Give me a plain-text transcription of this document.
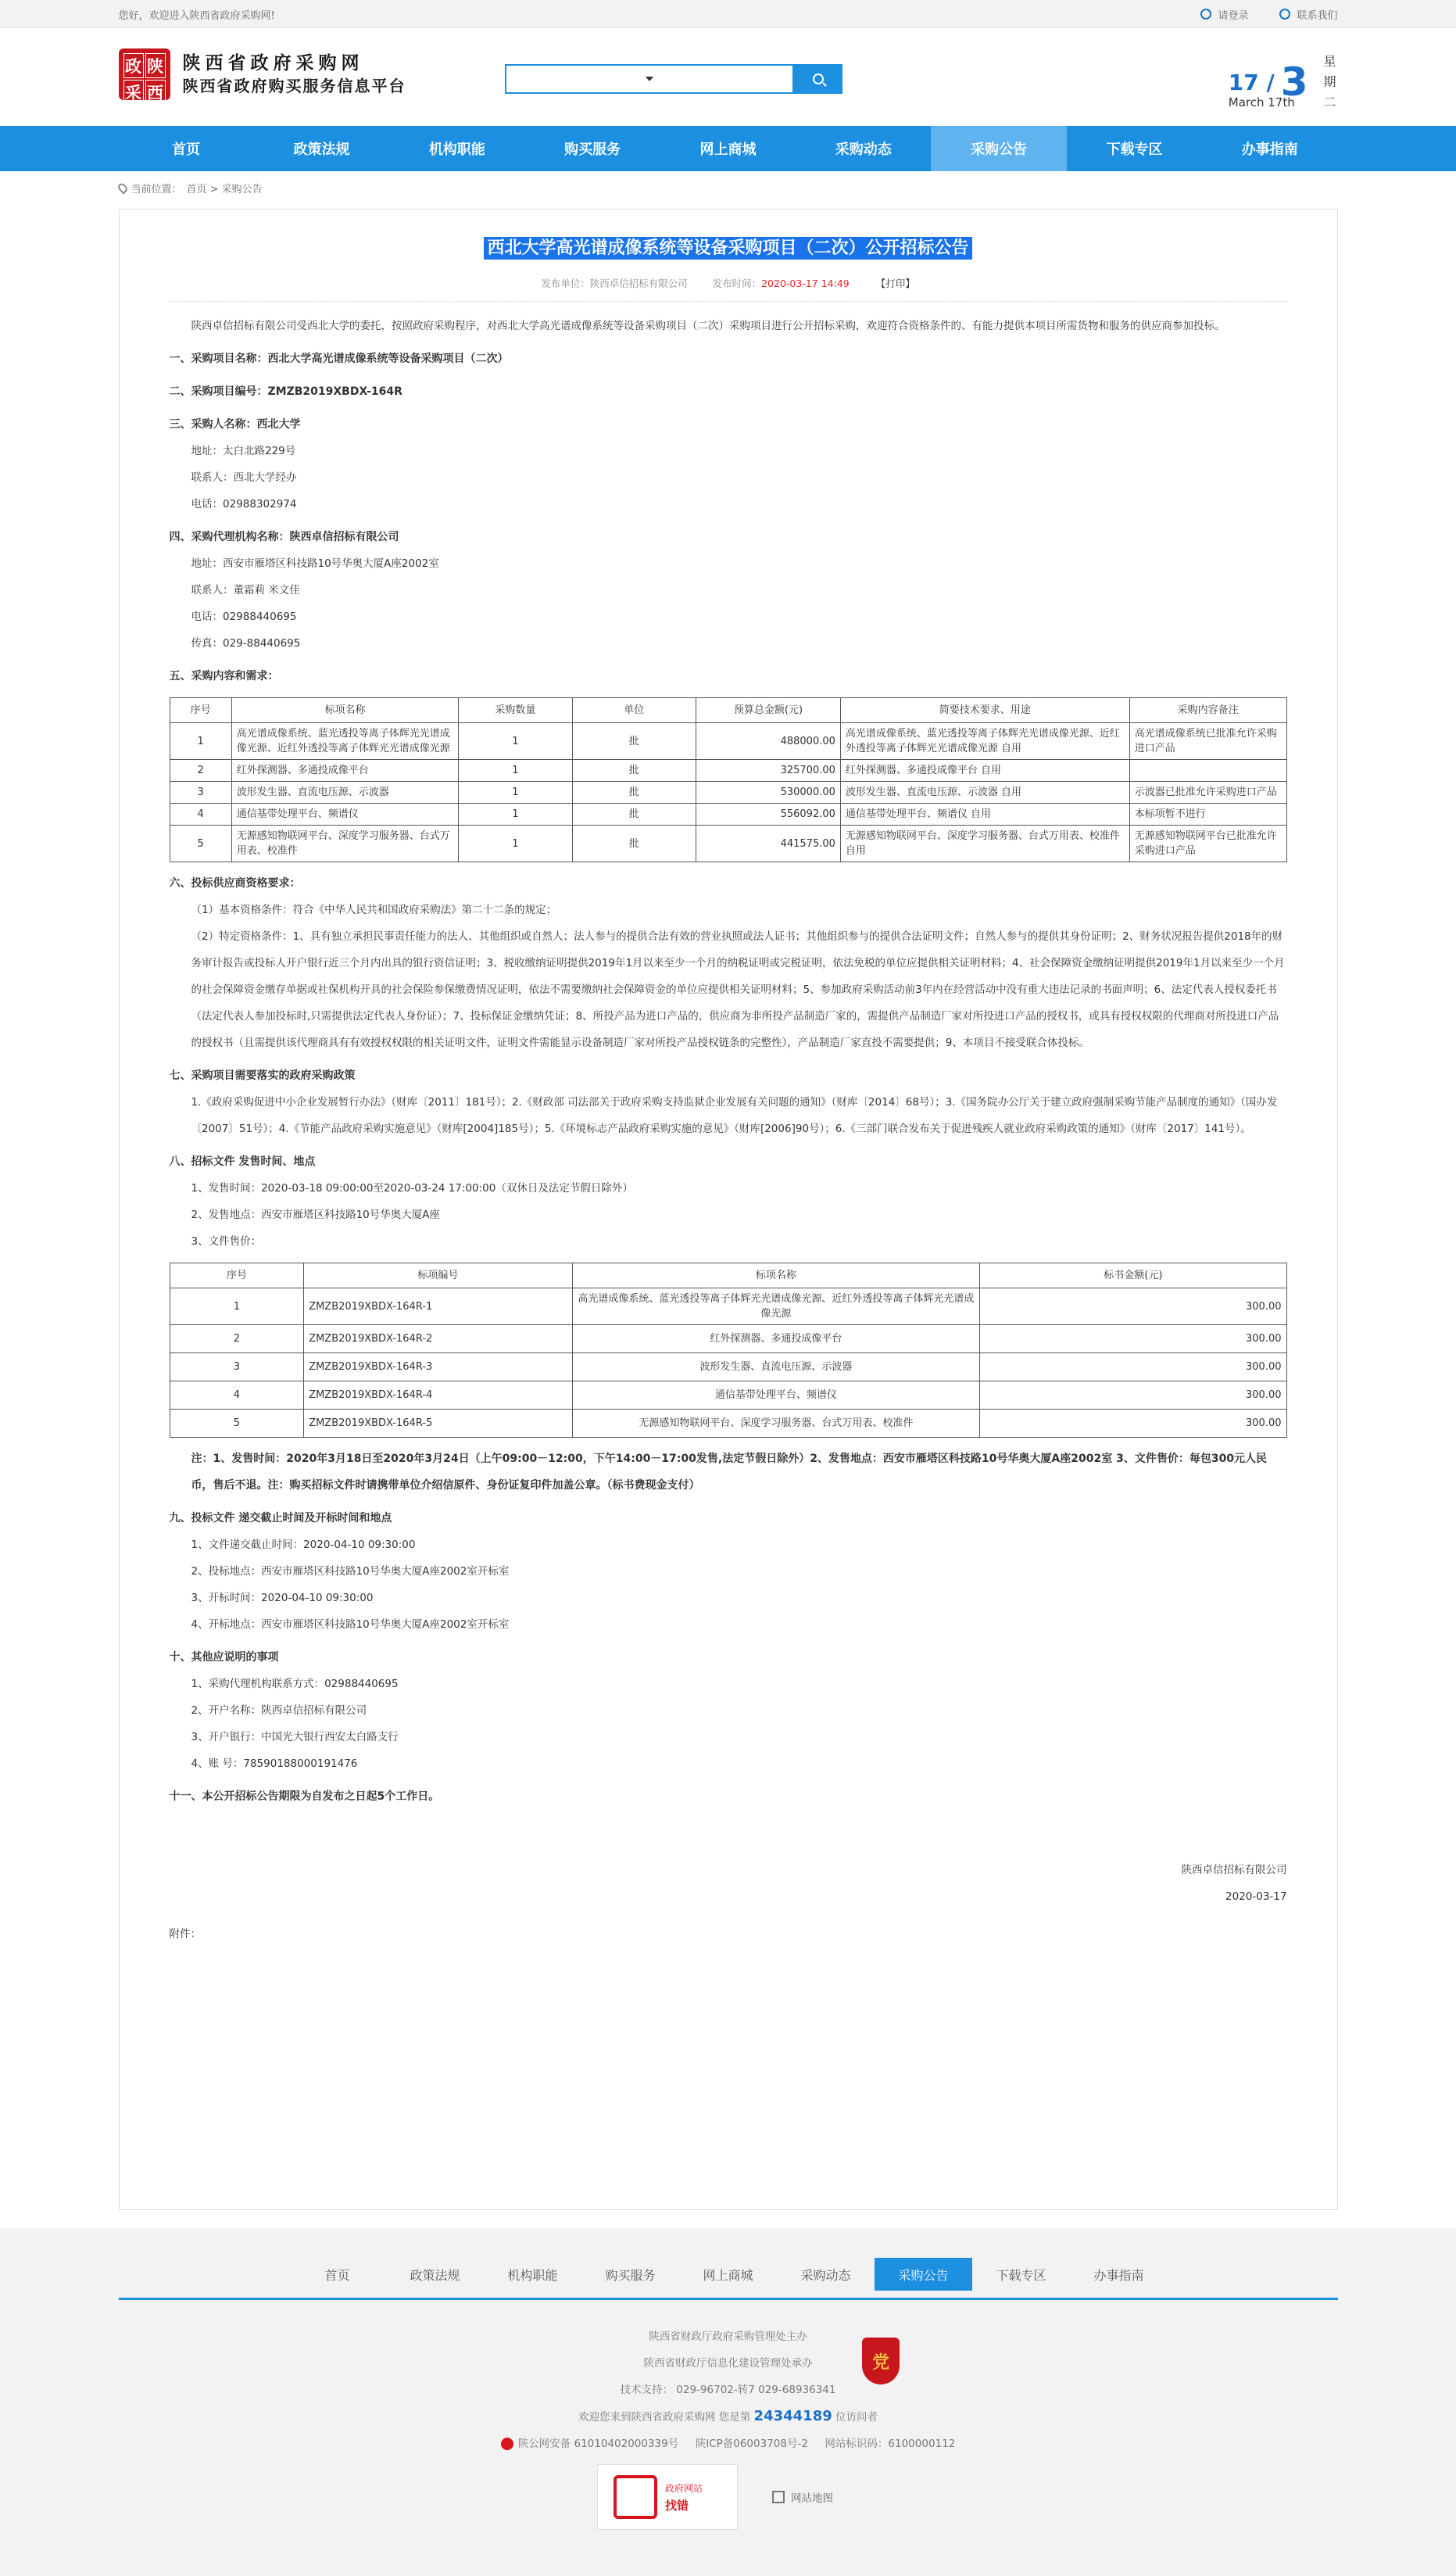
您好，欢迎进入陕西省政府采购网!	请登录	联系我们
政 陕
采 西
陕西省政府采购网
陕西省政府购买服务信息平台	17 / 3
March 17th
星
期
二
首页	政策法规	机构职能	购买服务	网上商城	采购动态	采购公告	下载专区	办事指南
当前位置： 首页 > 采购公告
西北大学高光谱成像系统等设备采购项目（二次）公开招标公告
发布单位：陕西卓信招标有限公司	发布时间：2020-03-17 14:49	【打印】

陕西卓信招标有限公司受西北大学的委托，按照政府采购程序，对西北大学高光谱成像系统等设备采购项目（二次）采购项目进行公开招标采购，欢迎符合资格条件的、有能力提供本项目所需货物和服务的供应商参加投标。

一、采购项目名称：西北大学高光谱成像系统等设备采购项目（二次）
二、采购项目编号：ZMZB2019XBDX-164R
三、采购人名称：西北大学

地址：太白北路229号

联系人：西北大学经办

电话：02988302974

四、采购代理机构名称：陕西卓信招标有限公司

地址：西安市雁塔区科技路10号华奥大厦A座2002室

联系人：董霜莉 米文佳

电话：02988440695

传真：029-88440695

五、采购内容和需求：
序号	标项名称	采购数量	单位	预算总金额(元)	简要技术要求、用途	采购内容备注
1	高光谱成像系统、蓝光透投等离子体辉光光谱成像光源、近红外透投等离子体辉光光谱成像光源	1	批	488000.00	高光谱成像系统、蓝光透投等离子体辉光光谱成像光源、近红外透投等离子体辉光光谱成像光源 自用	高光谱成像系统已批准允许采购进口产品
2	红外探测器、多通投成像平台	1	批	325700.00	红外探测器、多通投成像平台 自用	
3	波形发生器、直流电压源、示波器	1	批	530000.00	波形发生器、直流电压源、示波器 自用	示波器已批准允许采购进口产品
4	通信基带处理平台、频谱仪	1	批	556092.00	通信基带处理平台、频谱仪 自用	本标项暂不进行
5	无源感知物联网平台、深度学习服务器、台式万用表、校准件	1	批	441575.00	无源感知物联网平台、深度学习服务器、台式万用表、校准件 自用	无源感知物联网平台已批准允许采购进口产品
六、投标供应商资格要求：

（1）基本资格条件：符合《中华人民共和国政府采购法》第二十二条的规定；

（2）特定资格条件：1、具有独立承担民事责任能力的法人、其他组织或自然人；法人参与的提供合法有效的营业执照或法人证书；其他组织参与的提供合法证明文件；自然人参与的提供其身份证明；2、财务状况报告提供2018年的财务审计报告或投标人开户银行近三个月内出具的银行资信证明；3、税收缴纳证明提供2019年1月以来至少一个月的纳税证明或完税证明，依法免税的单位应提供相关证明材料；4、社会保障资金缴纳证明提供2019年1月以来至少一个月的社会保障资金缴存单据或社保机构开具的社会保险参保缴费情况证明，依法不需要缴纳社会保障资金的单位应提供相关证明材料；5、参加政府采购活动前3年内在经营活动中没有重大违法记录的书面声明；6、法定代表人授权委托书（法定代表人参加投标时,只需提供法定代表人身份证）；7、投标保证金缴纳凭证；8、所投产品为进口产品的，供应商为非所投产品制造厂家的，需提供产品制造厂家对所投进口产品的授权书，或具有授权权限的代理商对所投进口产品的授权书（且需提供该代理商具有有效授权权限的相关证明文件，证明文件需能显示设备制造厂家对所投产品授权链条的完整性），产品制造厂家直投不需要提供；9、本项目不接受联合体投标。

七、采购项目需要落实的政府采购政策

1.《政府采购促进中小企业发展暂行办法》（财库〔2011〕181号）；2.《财政部 司法部关于政府采购支持监狱企业发展有关问题的通知》（财库〔2014〕68号）；3.《国务院办公厅关于建立政府强制采购节能产品制度的通知》（国办发〔2007〕51号）；4.《节能产品政府采购实施意见》（财库[2004]185号）；5.《环境标志产品政府采购实施的意见》（财库[2006]90号）；6.《三部门联合发布关于促进残疾人就业政府采购政策的通知》（财库〔2017〕141号）。

八、招标文件 发售时间、地点

1、发售时间：2020-03-18 09:00:00至2020-03-24 17:00:00（双休日及法定节假日除外）

2、发售地点：西安市雁塔区科技路10号华奥大厦A座

3、文件售价：

序号	标项编号	标项名称	标书金额(元)
1	ZMZB2019XBDX-164R-1	高光谱成像系统、蓝光透投等离子体辉光光谱成像光源、近红外透投等离子体辉光光谱成像光源	300.00
2	ZMZB2019XBDX-164R-2	红外探测器、多通投成像平台	300.00
3	ZMZB2019XBDX-164R-3	波形发生器、直流电压源、示波器	300.00
4	ZMZB2019XBDX-164R-4	通信基带处理平台、频谱仪	300.00
5	ZMZB2019XBDX-164R-5	无源感知物联网平台、深度学习服务器、台式万用表、校准件	300.00
注：1、发售时间：2020年3月18日至2020年3月24日（上午09:00－12:00，下午14:00－17:00发售,法定节假日除外）2、发售地点：西安市雁塔区科技路10号华奥大厦A座2002室 3、文件售价：每包300元人民币，售后不退。注：购买招标文件时请携带单位介绍信原件、身份证复印件加盖公章。（标书费现金支付）
九、投标文件 递交截止时间及开标时间和地点

1、文件递交截止时间：2020-04-10 09:30:00

2、投标地点：西安市雁塔区科技路10号华奥大厦A座2002室开标室

3、开标时间：2020-04-10 09:30:00

4、开标地点：西安市雁塔区科技路10号华奥大厦A座2002室开标室

十、其他应说明的事项

1、采购代理机构联系方式：02988440695

2、开户名称：陕西卓信招标有限公司

3、开户银行：中国光大银行西安太白路支行

4、账 号：78590188000191476

十一、本公开招标公告期限为自发布之日起5个工作日。
陕西卓信招标有限公司
2020-03-17

附件：

首页	政策法规	机构职能	购买服务	网上商城	采购动态	采购公告	下载专区	办事指南
陕西省财政厅政府采购管理处主办
陕西省财政厅信息化建设管理处承办
技术支持： 029-96702-转7 029-68936341
欢迎您来到陕西省政府采购网 您是第 24344189 位访问者
陕公网安备 61010402000339号 陕ICP备06003708号-2 网站标识码：6100000112
党
政府网站
找错	网站地图
